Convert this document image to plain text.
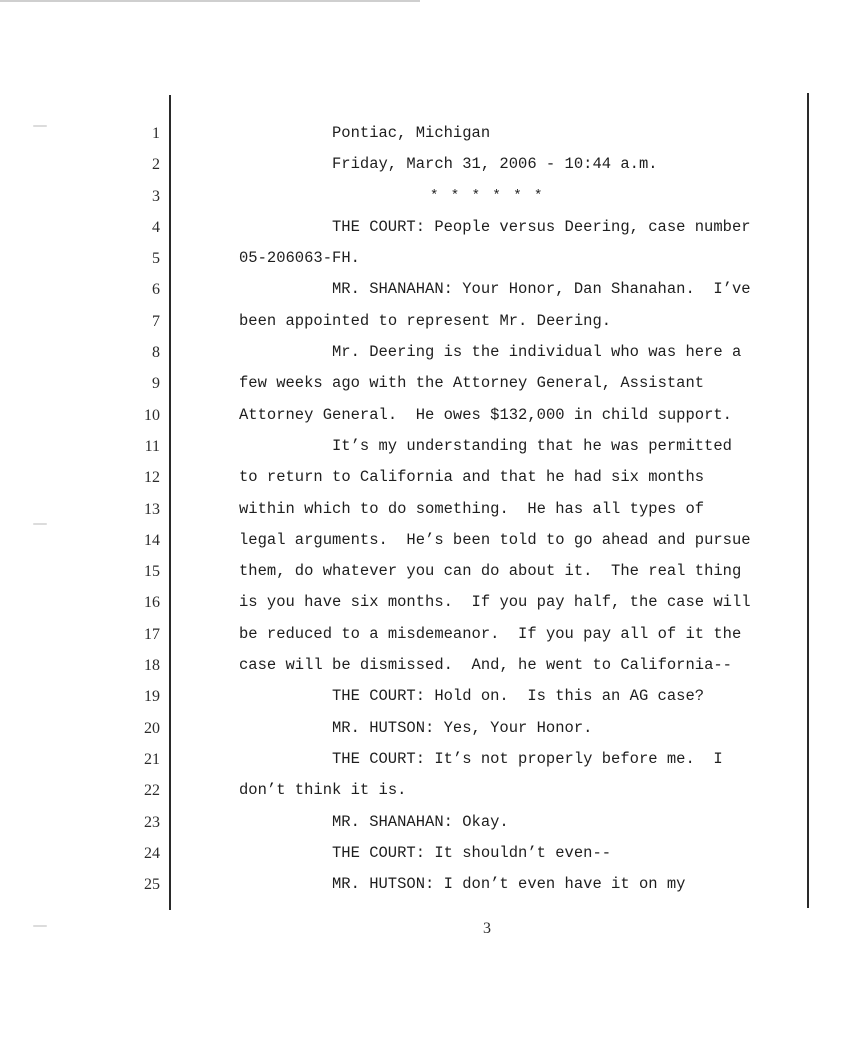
1
2
3
4
5
6
7
8
9
10
11
12
13
14
15
16
17
18
19
20
21
22
23
24
25
Pontiac, Michigan
Friday, March 31, 2006 - 10:44 a.m.
* * * * * *
THE COURT: People versus Deering, case number
05-206063-FH.
MR. SHANAHAN: Your Honor, Dan Shanahan.  I’ve
been appointed to represent Mr. Deering.
Mr. Deering is the individual who was here a
few weeks ago with the Attorney General, Assistant
Attorney General.  He owes $132,000 in child support.
It’s my understanding that he was permitted
to return to California and that he had six months
within which to do something.  He has all types of
legal arguments.  He’s been told to go ahead and pursue
them, do whatever you can do about it.  The real thing
is you have six months.  If you pay half, the case will
be reduced to a misdemeanor.  If you pay all of it the
case will be dismissed.  And, he went to California--
THE COURT: Hold on.  Is this an AG case?
MR. HUTSON: Yes, Your Honor.
THE COURT: It’s not properly before me.  I
don’t think it is.
MR. SHANAHAN: Okay.
THE COURT: It shouldn’t even--
MR. HUTSON: I don’t even have it on my
3
